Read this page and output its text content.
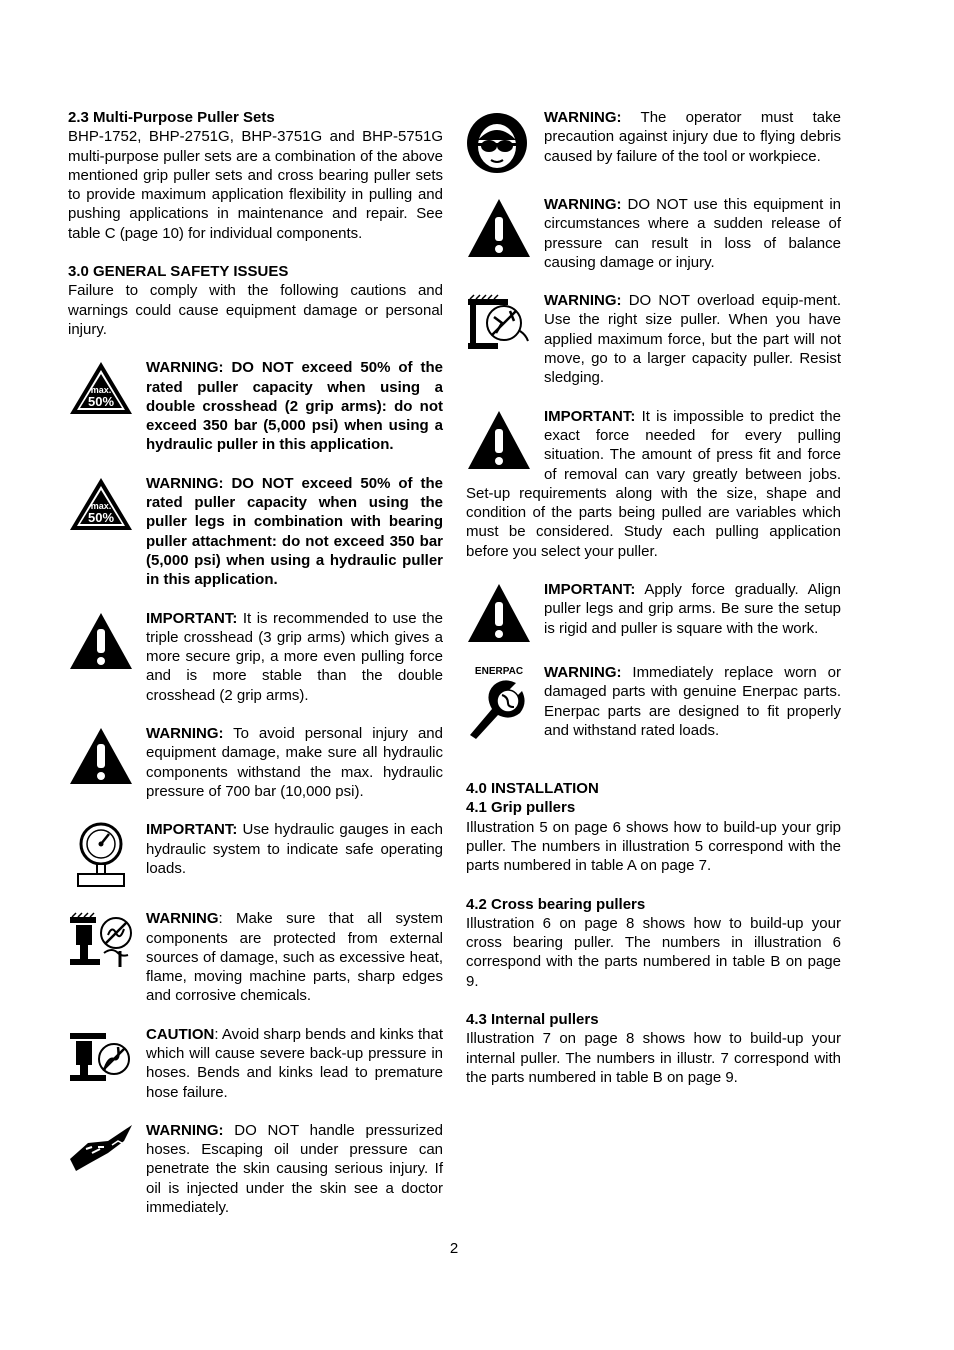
2.3 Multi-Purpose Puller Sets

BHP-1752, BHP-2751G, BHP-3751G and BHP-5751G multi-purpose puller sets are a combination of the above mentioned grip puller sets and cross bearing puller sets to provide maximum application flexibility in pulling and pushing applications in maintenance and repair. See table C (page 10) for individual components.

3.0 GENERAL SAFETY ISSUES

Failure to comply with the following cautions and warnings could cause equipment damage or personal injury.

max.
50%
WARNING: DO NOT exceed 50% of the rated puller capacity when using a double crosshead (2 grip arms): do not exceed 350 bar (5,000 psi) when using a hydraulic puller in this application.
max.
50%
WARNING: DO NOT exceed 50% of the rated puller capacity when using the puller legs in combination with bearing puller attachment: do not exceed 350 bar (5,000 psi) when using a hydraulic puller in this application.
IMPORTANT: It is recommended to use the triple crosshead (3 grip arms) which gives a more secure grip, a more even pulling force and is more stable than the double crosshead (2 grip arms).
WARNING: To avoid personal injury and equipment damage, make sure all hydraulic components withstand the max. hydraulic pressure of 700 bar (10,000 psi).
IMPORTANT: Use hydraulic gauges in each hydraulic system to indicate safe operating loads.
WARNING: Make sure that all system components are protected from external sources of damage, such as excessive heat, flame, moving machine parts, sharp edges and corrosive chemicals.
CAUTION: Avoid sharp bends and kinks that which will cause severe back-up pressure in hoses. Bends and kinks lead to premature hose failure.
WARNING: DO NOT handle pressurized hoses. Escaping oil under pressure can penetrate the skin causing serious injury. If oil is injected under the skin see a doctor immediately.
WARNING: The operator must take precaution against injury due to flying debris caused by failure of the tool or workpiece.
WARNING: DO NOT use this equipment in circumstances where a sudden release of pressure can result in loss of balance causing damage or injury.
WARNING: DO NOT overload equip-ment. Use the right size puller. When you have applied maximum force, but the part will not move, go to a larger capacity puller. Resist sledging.
IMPORTANT: It is impossible to predict the exact force needed for every pulling situation. The amount of press fit and force of removal can vary greatly between jobs. Set-up requirements along with the size, shape and condition of the parts being pulled are variables which must be considered. Study each pulling application before you select your puller.
IMPORTANT: Apply force gradually. Align puller legs and grip arms. Be sure the setup is rigid and puller is square with the work.
ENERPAC WARNING: Immediately replace worn or damaged parts with genuine Enerpac parts. Enerpac parts are designed to fit properly and withstand rated loads.
4.0 INSTALLATION
4.1 Grip pullers

Illustration 5 on page 6 shows how to build-up your grip puller. The numbers in illustration 5 correspond with the parts numbered in table A on page 7.

4.2 Cross bearing pullers

Illustration 6 on page 8 shows how to build-up your cross bearing puller. The numbers in illustration 6 correspond with the parts numbered in table B on page 9.

4.3 Internal pullers

Illustration 7 on page 8 shows how to build-up your internal puller. The numbers in illustr. 7 correspond with the parts numbered in table B on page 9.

2
